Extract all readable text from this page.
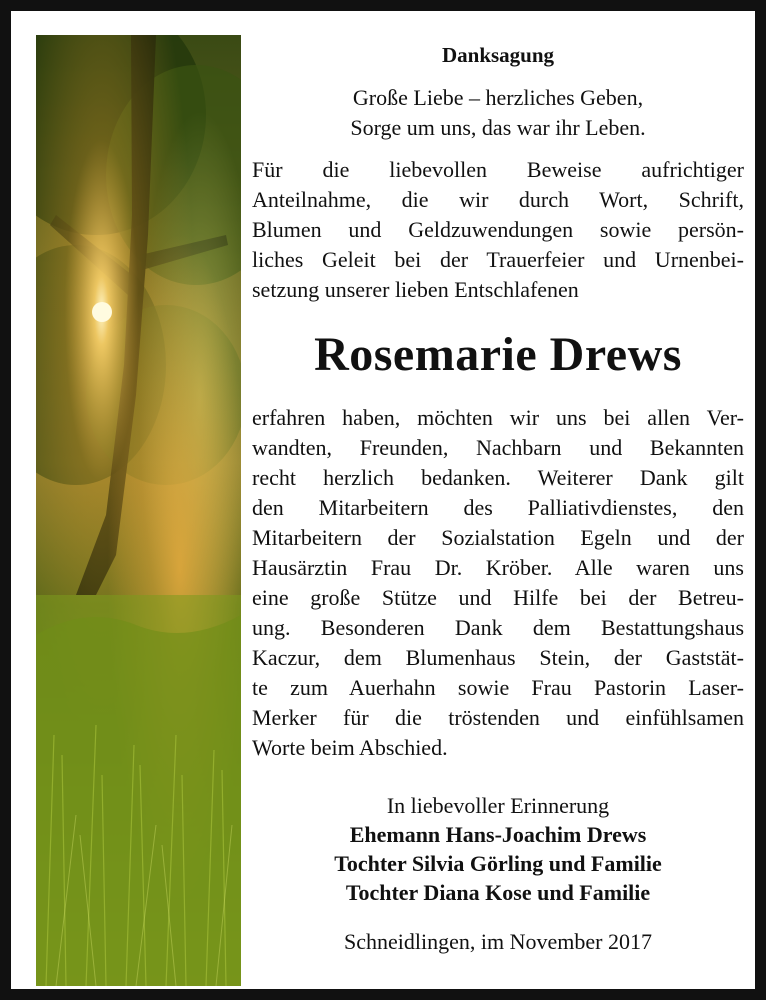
Danksagung
Große Liebe – herzliches Geben,
Sorge um uns, das war ihr Leben.
Für die liebevollen Beweise aufrichtiger
Anteilnahme, die wir durch Wort, Schrift,
Blumen und Geldzuwendungen sowie persön-
liches Geleit bei der Trauerfeier und Urnenbei-
setzung unserer lieben Entschlafenen
Rosemarie Drews
erfahren haben, möchten wir uns bei allen Ver-
wandten, Freunden, Nachbarn und Bekannten
recht herzlich bedanken. Weiterer Dank gilt
den Mitarbeitern des Palliativdienstes, den
Mitarbeitern der Sozialstation Egeln und der
Hausärztin Frau Dr. Kröber. Alle waren uns
eine große Stütze und Hilfe bei der Betreu-
ung. Besonderen Dank dem Bestattungshaus
Kaczur, dem Blumenhaus Stein, der Gaststät-
te zum Auerhahn sowie Frau Pastorin Laser-
Merker für die tröstenden und einfühlsamen
Worte beim Abschied.
In liebevoller Erinnerung
Ehemann Hans-Joachim Drews
Tochter Silvia Görling und Familie
Tochter Diana Kose und Familie
Schneidlingen, im November 2017
